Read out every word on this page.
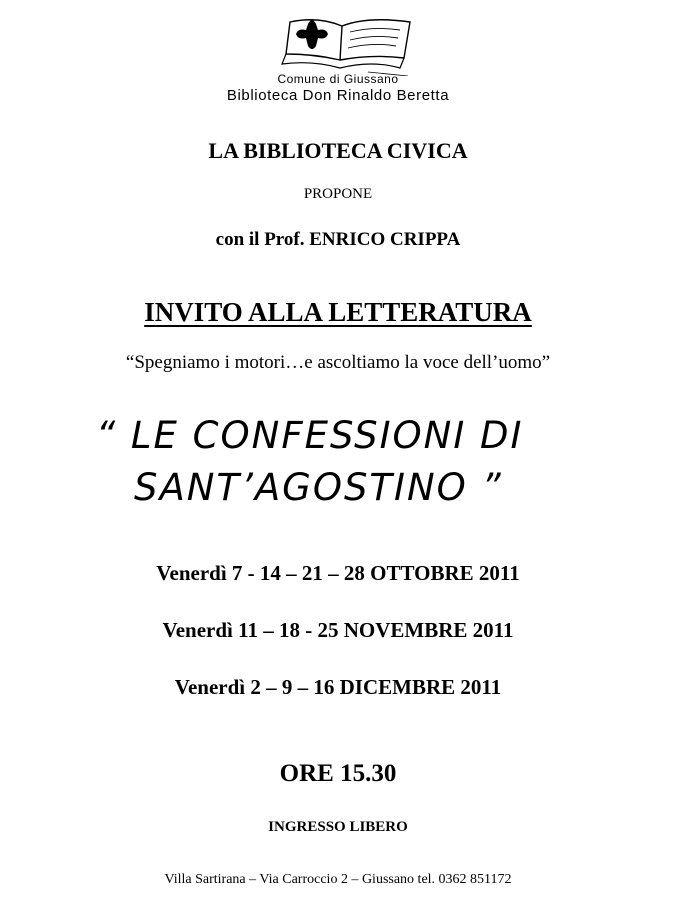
Comune di Giussano
Biblioteca Don Rinaldo Beretta
LA BIBLIOTECA CIVICA
PROPONE
con il Prof. ENRICO CRIPPA
INVITO ALLA LETTERATURA
“Spegniamo i motori…e ascoltiamo la voce dell’uomo”
“ LE CONFESSIONI DI
SANT’AGOSTINO ”
Venerdì 7 - 14 – 21 – 28 OTTOBRE 2011
Venerdì 11 – 18 - 25 NOVEMBRE 2011
Venerdì 2 – 9 – 16 DICEMBRE 2011
ORE 15.30
INGRESSO LIBERO
Villa Sartirana – Via Carroccio 2 – Giussano tel. 0362 851172
